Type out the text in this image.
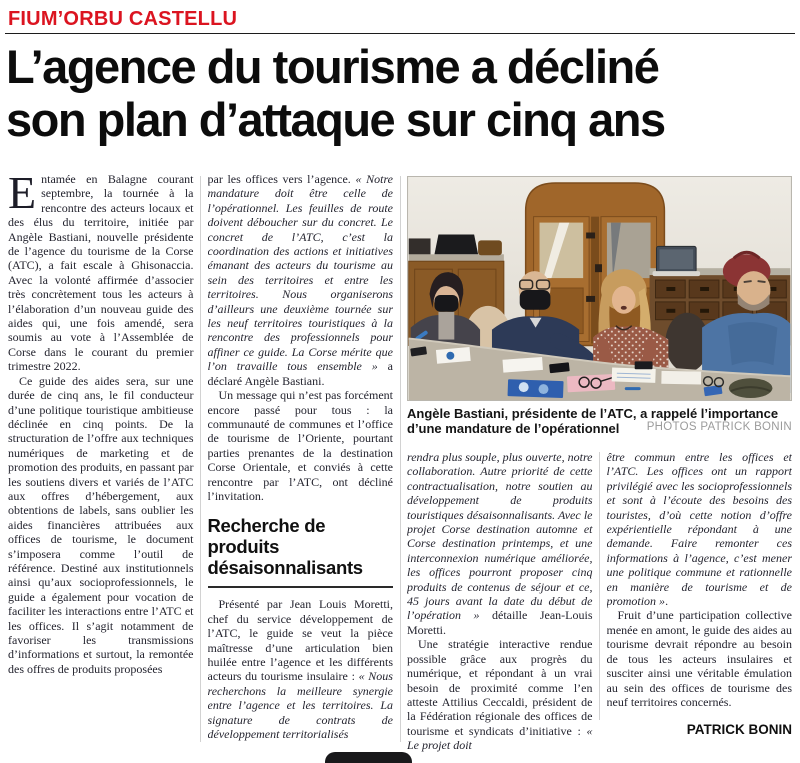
FIUM’ORBU CASTELLU
L’agence du tourisme a décliné
son plan d’attaque sur cinq ans

Entamée en Balagne courant septembre, la tournée à la rencontre des acteurs locaux et des élus du territoire, initiée par Angèle Bastiani, nouvelle présidente de l’agence du tourisme de la Corse (ATC), a fait escale à Ghisonaccia. Avec la volonté affirmée d’associer très concrètement tous les acteurs à l’élaboration d’un nouveau guide des aides qui, une fois amendé, sera soumis au vote à l’Assemblée de Corse dans le courant du premier trimestre 2022.

Ce guide des aides sera, sur une durée de cinq ans, le fil conducteur d’une politique touristique ambitieuse déclinée en cinq points. De la structuration de l’offre aux techniques numériques de marketing et de promotion des produits, en passant par les soutiens divers et variés de l’ATC aux offres d’hébergement, aux obtentions de labels, sans oublier les aides financières attribuées aux offices de tourisme, le document s’imposera comme l’outil de référence. Destiné aux institutionnels ainsi qu’aux socioprofessionnels, le guide a également pour vocation de faciliter les interactions entre l’ATC et les offices. Il s’agit notamment de favoriser les transmissions d’informations et surtout, la remontée des offres de produits proposées

par les offices vers l’agence. « Notre mandature doit être celle de l’opérationnel. Les feuilles de route doivent déboucher sur du concret. Le concret de l’ATC, c’est la coordination des actions et initiatives émanant des acteurs du tourisme au sein des territoires et entre les territoires. Nous organiserons d’ailleurs une deuxième tournée sur les neuf territoires touristiques à la rencontre des professionnels pour affiner ce guide. La Corse mérite que l’on travaille tous ensemble » a déclaré Angèle Bastiani.

Un message qui n’est pas forcément encore passé pour tous : la communauté de communes et l’office de tourisme de l’Oriente, pourtant parties prenantes de la destination Corse Orientale, et conviés à cette rencontre par l’ATC, ont décliné l’invitation.

Recherche de produits désaisonnalisants

Présenté par Jean Louis Moretti, chef du service développement de l’ATC, le guide se veut la pièce maîtresse d’une articulation bien huilée entre l’agence et les différents acteurs du tourisme insulaire : « Nous recherchons la meilleure synergie entre l’agence et les territoires. La signature de contrats de développement territorialisés

rendra plus souple, plus ouverte, notre collaboration. Autre priorité de cette contractualisation, notre soutien au développement de produits touristiques désaisonnalisants. Avec le projet Corse destination automne et Corse destination printemps, et une interconnexion numérique améliorée, les offices pourront proposer cinq produits de contenus de séjour et ce, 45 jours avant la date du début de l’opération » détaille Jean-Louis Moretti.

Une stratégie interactive rendue possible grâce aux progrès du numérique, et répondant à un vrai besoin de proximité comme l’en atteste Attilius Ceccaldi, président de la Fédération régionale des offices de tourisme et syndicats d’initiative : « Le projet doit

être commun entre les offices et l’ATC. Les offices ont un rapport privilégié avec les socioprofessionnels et sont à l’écoute des besoins des touristes, d’où cette notion d’offre expérientielle répondant à une demande. Faire remonter ces informations à l’agence, c’est mener une politique commune et rationnelle en manière de tourisme et de promotion ».

Fruit d’une participation collective menée en amont, le guide des aides au tourisme devrait répondre au besoin de tous les acteurs insulaires et susciter ainsi une véritable émulation au sein des offices de tourisme des neuf territoires concernés.

PATRICK BONIN
Angèle Bastiani, présidente de l’ATC, a rappelé l’importance d’une mandature de l’opérationnel PHOTOS PATRICK BONIN
